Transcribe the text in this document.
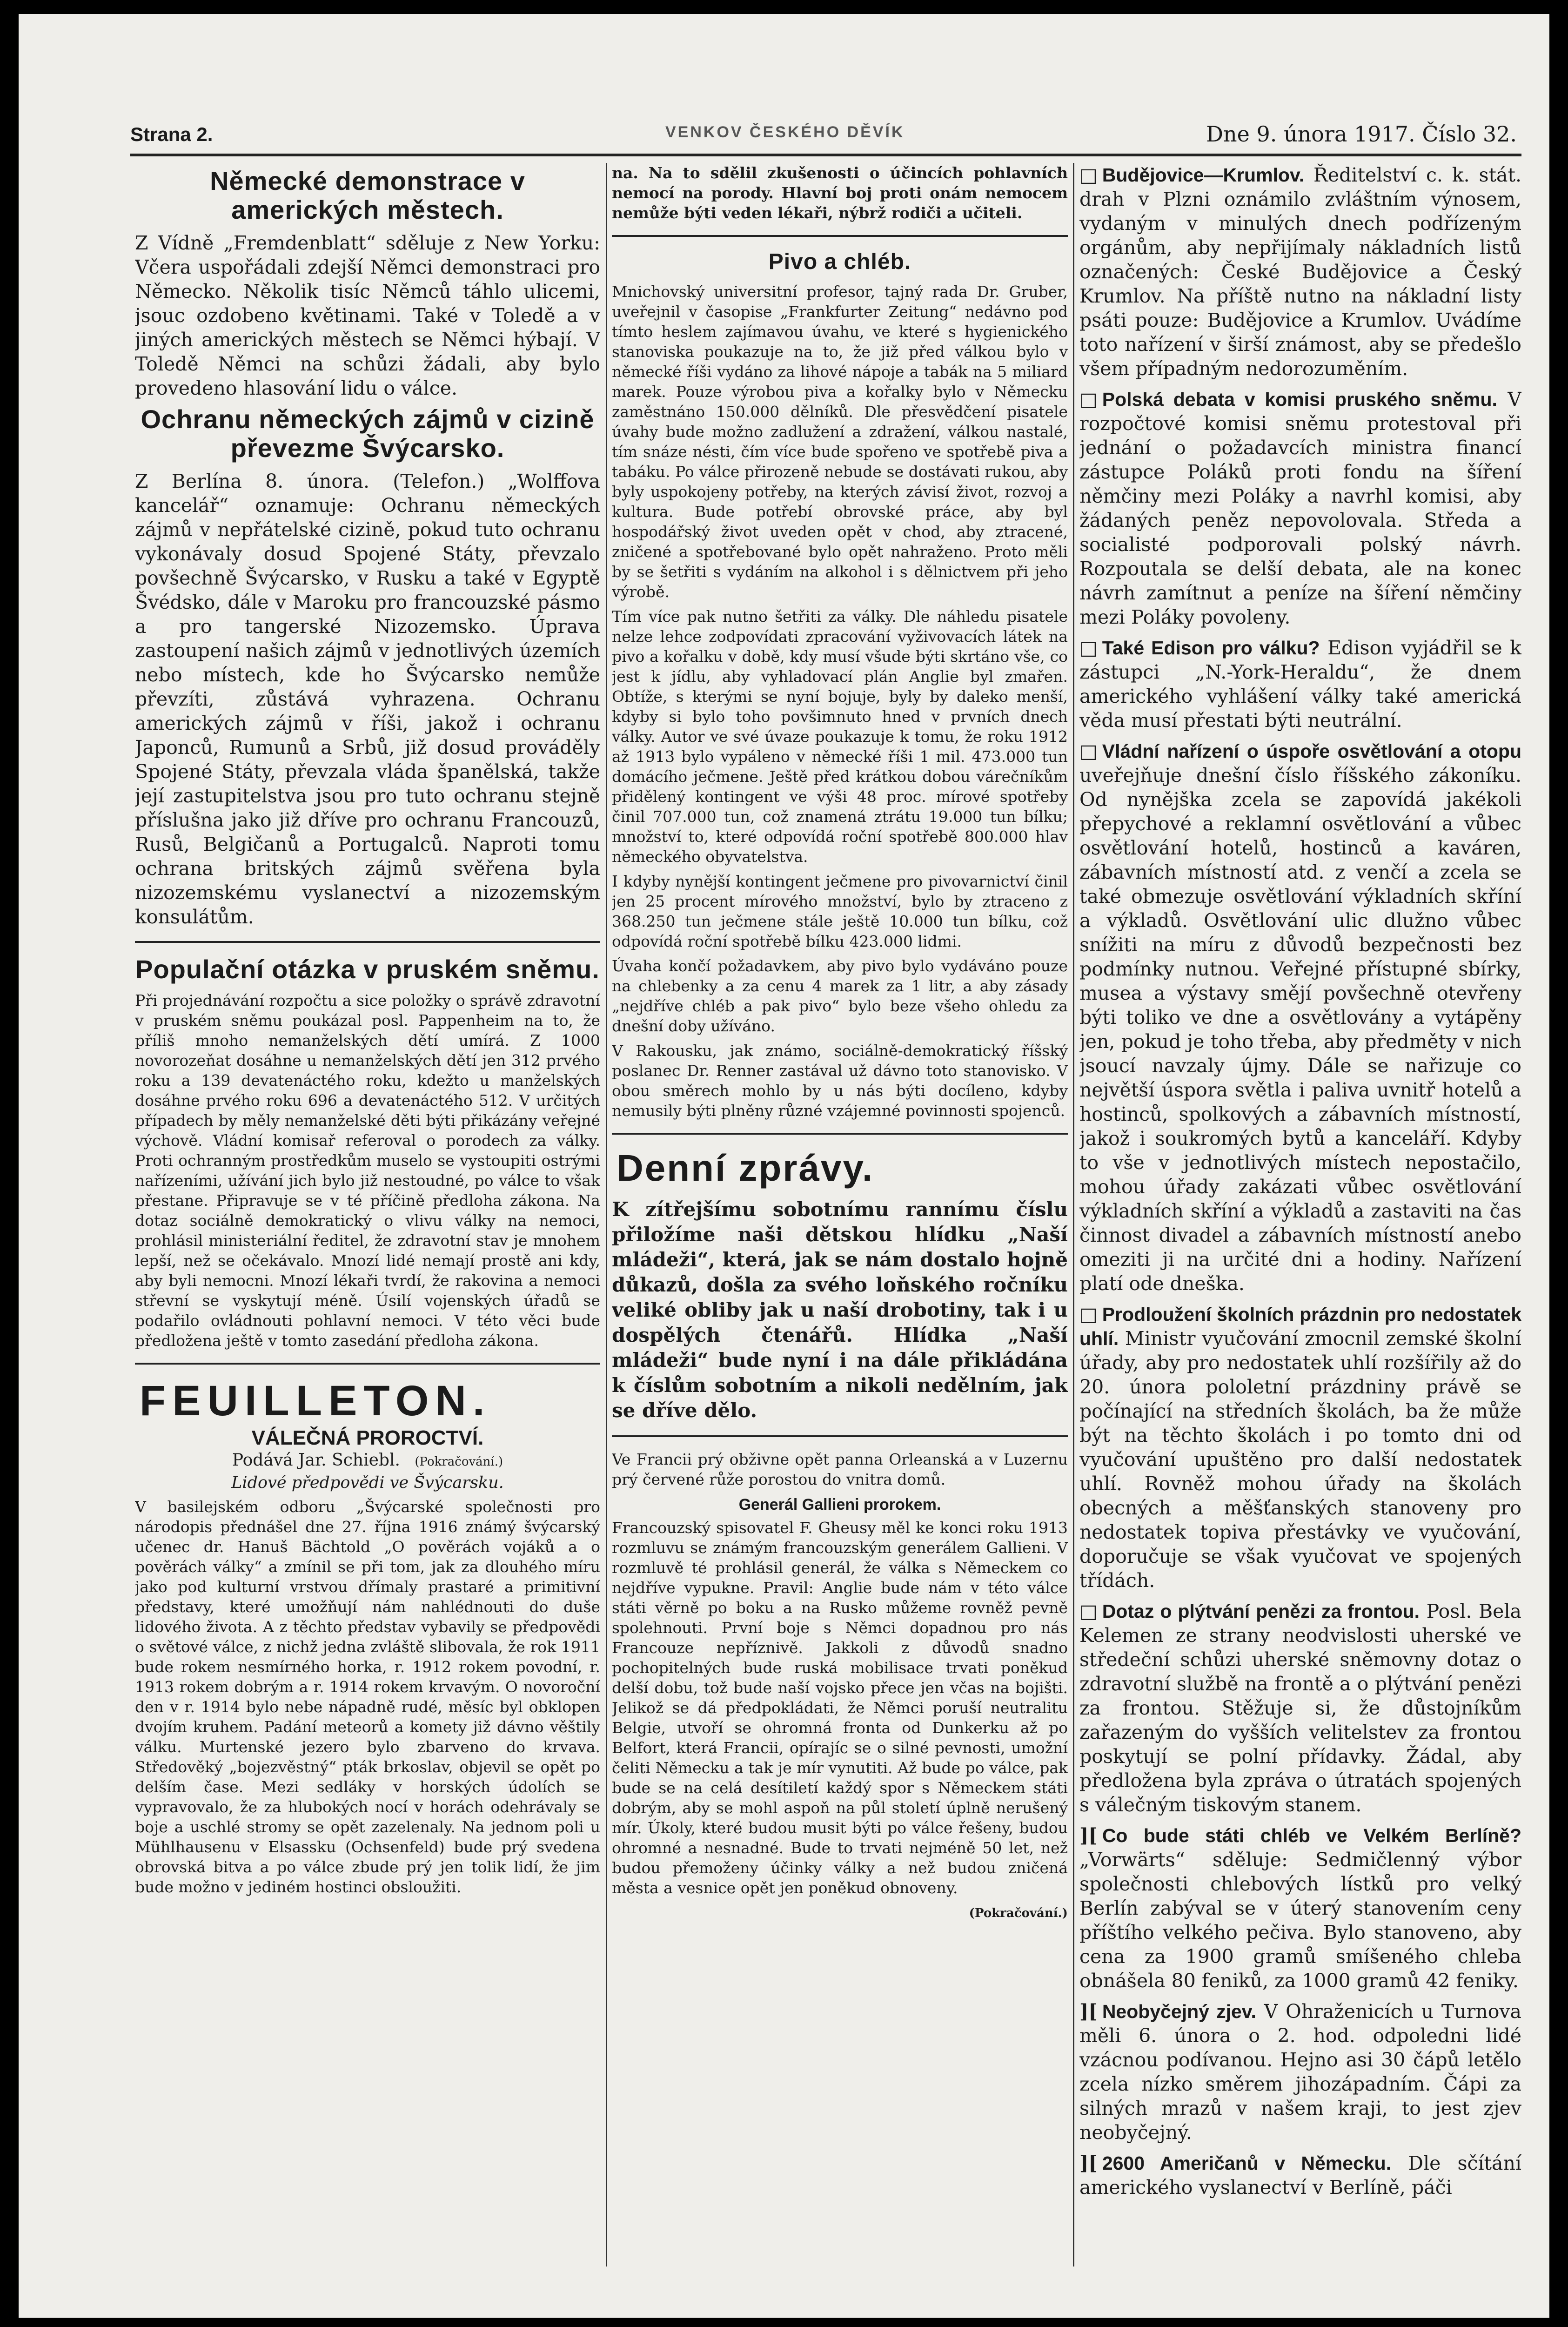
Strana 2.	VENKOV ČESKÉHO DĚVÍK	Dne 9. února 1917. Číslo 32.
Německé demonstrace v amerických městech.

Z Vídně „Fremdenblatt“ sděluje z New Yorku: Včera uspořádali zdejší Němci demonstraci pro Německo. Několik tisíc Němců táhlo ulicemi, jsouc ozdobeno květinami. Také v Toledě a v jiných amerických městech se Němci hýbají. V Toledě Němci na schůzi žádali, aby bylo provedeno hlasování lidu o válce.

Ochranu německých zájmů v cizině převezme Švýcarsko.

Z Berlína 8. února. (Telefon.) „Wolffova kancelář“ oznamuje: Ochranu německých zájmů v nepřátelské cizině, pokud tuto ochranu vykonávaly dosud Spojené Státy, převzalo povšechně Švýcarsko, v Rusku a také v Egyptě Švédsko, dále v Maroku pro francouzské pásmo a pro tangerské Nizozemsko. Úprava zastoupení našich zájmů v jednotlivých územích nebo místech, kde ho Švýcarsko nemůže převzíti, zůstává vyhrazena. Ochranu amerických zájmů v říši, jakož i ochranu Japonců, Rumunů a Srbů, již dosud prováděly Spojené Státy, převzala vláda španělská, takže její zastupitelstva jsou pro tuto ochranu stejně příslušna jako již dříve pro ochranu Francouzů, Rusů, Belgičanů a Portugalců. Naproti tomu ochrana britských zájmů svěřena byla nizozemskému vyslanectví a nizozemským konsulátům.

Populační otázka v pruském sněmu.

Při projednávání rozpočtu a sice položky o správě zdravotní v pruském sněmu poukázal posl. Pappenheim na to, že příliš mnoho nemanželských dětí umírá. Z 1000 novorozeňat dosáhne u nemanželských dětí jen 312 prvého roku a 139 devatenáctého roku, kdežto u manželských dosáhne prvého roku 696 a devatenáctého 512. V určitých případech by měly nemanželské děti býti přikázány veřejné výchově. Vládní komisař referoval o porodech za války. Proti ochranným prostředkům muselo se vystoupiti ostrými nařízeními, užívání jich bylo již nestoudné, po válce to však přestane. Připravuje se v té příčině předloha zákona. Na dotaz sociálně demokratický o vlivu války na nemoci, prohlásil ministeriální ředitel, že zdravotní stav je mnohem lepší, než se očekávalo. Mnozí lidé nemají prostě ani kdy, aby byli nemocni. Mnozí lékaři tvrdí, že rakovina a nemoci střevní se vyskytují méně. Úsilí vojenských úřadů se podařilo ovládnouti pohlavní nemoci. V této věci bude předložena ještě v tomto zasedání předloha zákona.

FEUILLETON.
VÁLEČNÁ PROROCTVÍ.
Podává Jar. Schiebl. (Pokračování.)
Lidové předpovědi ve Švýcarsku.

V basilejském odboru „Švýcarské společnosti pro národopis přednášel dne 27. října 1916 známý švýcarský učenec dr. Hanuš Bächtold „O pověrách vojáků a o pověrách války“ a zmínil se při tom, jak za dlouhého míru jako pod kulturní vrstvou dřímaly prastaré a primitivní představy, které umožňují nám nahlédnouti do duše lidového života. A z těchto představ vybavily se předpovědi o světové válce, z nichž jedna zvláště slibovala, že rok 1911 bude rokem nesmírného horka, r. 1912 rokem povodní, r. 1913 rokem dobrým a r. 1914 rokem krvavým. O novoroční den v r. 1914 bylo nebe nápadně rudé, měsíc byl obklopen dvojím kruhem. Padání meteorů a komety již dávno věštily válku. Murtenské jezero bylo zbarveno do krvava. Středověký „bojezvěstný“ pták brkoslav, objevil se opět po delším čase. Mezi sedláky v horských údolích se vypravovalo, že za hlubokých nocí v horách odehrávaly se boje a uschlé stromy se opět zazelenaly. Na jednom poli u Mühlhausenu v Elsassku (Ochsenfeld) bude prý svedena obrovská bitva a po válce zbude prý jen tolik lidí, že jim bude možno v jediném hostinci obsloužiti.

na. Na to sdělil zkušenosti o účincích pohlavních nemocí na porody. Hlavní boj proti onám nemocem nemůže býti veden lékaři, nýbrž rodiči a učiteli.

Pivo a chléb.

Mnichovský universitní profesor, tajný rada Dr. Gruber, uveřejnil v časopise „Frankfurter Zeitung“ nedávno pod tímto heslem zajímavou úvahu, ve které s hygienického stanoviska poukazuje na to, že již před válkou bylo v německé říši vydáno za lihové nápoje a tabák na 5 miliard marek. Pouze výrobou piva a kořalky bylo v Německu zaměstnáno 150.000 dělníků. Dle přesvědčení pisatele úvahy bude možno zadlužení a zdražení, válkou nastalé, tím snáze nésti, čím více bude spořeno ve spotřebě piva a tabáku. Po válce přirozeně nebude se dostávati rukou, aby byly uspokojeny potřeby, na kterých závisí život, rozvoj a kultura. Bude potřebí obrovské práce, aby byl hospodářský život uveden opět v chod, aby ztracené, zničené a spotřebované bylo opět nahraženo. Proto měli by se šetřiti s vydáním na alkohol i s dělnictvem při jeho výrobě.

Tím více pak nutno šetřiti za války. Dle náhledu pisatele nelze lehce zodpovídati zpracování vyživovacích látek na pivo a kořalku v době, kdy musí všude býti skrtáno vše, co jest k jídlu, aby vyhladovací plán Anglie byl zmařen. Obtíže, s kterými se nyní bojuje, byly by daleko menší, kdyby si bylo toho povšimnuto hned v prvních dnech války. Autor ve své úvaze poukazuje k tomu, že roku 1912 až 1913 bylo vypáleno v německé říši 1 mil. 473.000 tun domácího ječmene. Ještě před krátkou dobou várečníkům přidělený kontingent ve výši 48 proc. mírové spotřeby činil 707.000 tun, což znamená ztrátu 19.000 tun bílku; množství to, které odpovídá roční spotřebě 800.000 hlav německého obyvatelstva.

I kdyby nynější kontingent ječmene pro pivovarnictví činil jen 25 procent mírového množství, bylo by ztraceno z 368.250 tun ječmene stále ještě 10.000 tun bílku, což odpovídá roční spotřebě bílku 423.000 lidmi.

Úvaha končí požadavkem, aby pivo bylo vydáváno pouze na chlebenky a za cenu 4 marek za 1 litr, a aby zásady „nejdříve chléb a pak pivo“ bylo beze všeho ohledu za dnešní doby užíváno.

V Rakousku, jak známo, sociálně-demokratický říšský poslanec Dr. Renner zastával už dávno toto stanovisko. V obou směrech mohlo by u nás býti docíleno, kdyby nemusily býti plněny různé vzájemné povinnosti spojenců.

Denní zprávy.

K zítřejšímu sobotnímu rannímu číslu přiložíme naši dětskou hlídku „Naší mládeži“, která, jak se nám dostalo hojně důkazů, došla za svého loňského ročníku veliké obliby jak u naší drobotiny, tak i u dospělých čtenářů. Hlídka „Naší mládeži“ bude nyní i na dále přikládána k číslům sobotním a nikoli nedělním, jak se dříve dělo.

Ve Francii prý obživne opět panna Orleanská a v Luzernu prý červené růže porostou do vnitra domů.

Generál Gallieni prorokem.

Francouzský spisovatel F. Gheusy měl ke konci roku 1913 rozmluvu se známým francouzským generálem Gallieni. V rozmluvě té prohlásil generál, že válka s Německem co nejdříve vypukne. Pravil: Anglie bude nám v této válce státi věrně po boku a na Rusko můžeme rovněž pevně spolehnouti. První boje s Němci dopadnou pro nás Francouze nepříznivě. Jakkoli z důvodů snadno pochopitelných bude ruská mobilisace trvati poněkud delší dobu, tož bude naší vojsko přece jen včas na bojišti. Jelikož se dá předpokládati, že Němci poruší neutralitu Belgie, utvoří se ohromná fronta od Dunkerku až po Belfort, která Francii, opírajíc se o silné pevnosti, umožní čeliti Německu a tak je mír vynutiti. Až bude po válce, pak bude se na celá desítiletí každý spor s Německem státi dobrým, aby se mohl aspoň na půl století úplně nerušený mír. Úkoly, které budou musit býti po válce řešeny, budou ohromné a nesnadné. Bude to trvati nejméně 50 let, než budou přemoženy účinky války a než budou zničená města a vesnice opět jen poněkud obnoveny.

(Pokračování.)

□ Budějovice—Krumlov. Ředitelství c. k. stát. drah v Plzni oznámilo zvláštním výnosem, vydaným v minulých dnech podřízeným orgánům, aby nepřijímaly nákladních listů označených: České Budějovice a Český Krumlov. Na příště nutno na nákladní listy psáti pouze: Budějovice a Krumlov. Uvádíme toto nařízení v širší známost, aby se předešlo všem případným nedorozuměním.

□ Polská debata v komisi pruského sněmu. V rozpočtové komisi sněmu protestoval při jednání o požadavcích ministra financí zástupce Poláků proti fondu na šíření němčiny mezi Poláky a navrhl komisi, aby žádaných peněz nepovolovala. Středa a socialisté podporovali polský návrh. Rozpoutala se delší debata, ale na konec návrh zamítnut a peníze na šíření němčiny mezi Poláky povoleny.

□ Také Edison pro válku? Edison vyjádřil se k zástupci „N.-York-Heraldu“, že dnem amerického vyhlášení války také americká věda musí přestati býti neutrální.

□ Vládní nařízení o úspoře osvětlování a otopu uveřejňuje dnešní číslo říšského zákoníku. Od nynějška zcela se zapovídá jakékoli přepychové a reklamní osvětlování a vůbec osvětlování hotelů, hostinců a kaváren, zábavních místností atd. z venčí a zcela se také obmezuje osvětlování výkladních skříní a výkladů. Osvětlování ulic dlužno vůbec snížiti na míru z důvodů bezpečnosti bez podmínky nutnou. Veřejné přístupné sbírky, musea a výstavy smějí povšechně otevřeny býti toliko ve dne a osvětlovány a vytápěny jen, pokud je toho třeba, aby předměty v nich jsoucí navzaly újmy. Dále se nařizuje co největší úspora světla i paliva uvnitř hotelů a hostinců, spolkových a zábavních místností, jakož i soukromých bytů a kanceláří. Kdyby to vše v jednotlivých místech nepostačilo, mohou úřady zakázati vůbec osvětlování výkladních skříní a výkladů a zastaviti na čas činnost divadel a zábavních místností anebo omeziti ji na určité dni a hodiny. Nařízení platí ode dneška.

□ Prodloužení školních prázdnin pro nedostatek uhlí. Ministr vyučování zmocnil zemské školní úřady, aby pro nedostatek uhlí rozšířily až do 20. února pololetní prázdniny právě se počínající na středních školách, ba že může být na těchto školách i po tomto dni od vyučování upuštěno pro další nedostatek uhlí. Rovněž mohou úřady na školách obecných a měšťanských stanoveny pro nedostatek topiva přestávky ve vyučování, doporučuje se však vyučovat ve spojených třídách.

□ Dotaz o plýtvání penězi za frontou. Posl. Bela Kelemen ze strany neodvislosti uherské ve středeční schůzi uherské sněmovny dotaz o zdravotní službě na frontě a o plýtvání penězi za frontou. Stěžuje si, že důstojníkům zařazeným do vyšších velitelstev za frontou poskytují se polní přídavky. Žádal, aby předložena byla zpráva o útratách spojených s válečným tiskovým stanem.

][ Co bude státi chléb ve Velkém Berlíně? „Vorwärts“ sděluje: Sedmičlenný výbor společnosti chlebových lístků pro velký Berlín zabýval se v úterý stanovením ceny příštího velkého pečiva. Bylo stanoveno, aby cena za 1900 gramů smíšeného chleba obnášela 80 feniků, za 1000 gramů 42 feniky.

][ Neobyčejný zjev. V Ohraženicích u Turnova měli 6. února o 2. hod. odpoledni lidé vzácnou podívanou. Hejno asi 30 čápů letělo zcela nízko směrem jihozápadním. Čápi za silných mrazů v našem kraji, to jest zjev neobyčejný.

][ 2600 Američanů v Německu. Dle sčítání amerického vyslanectví v Berlíně, páči
